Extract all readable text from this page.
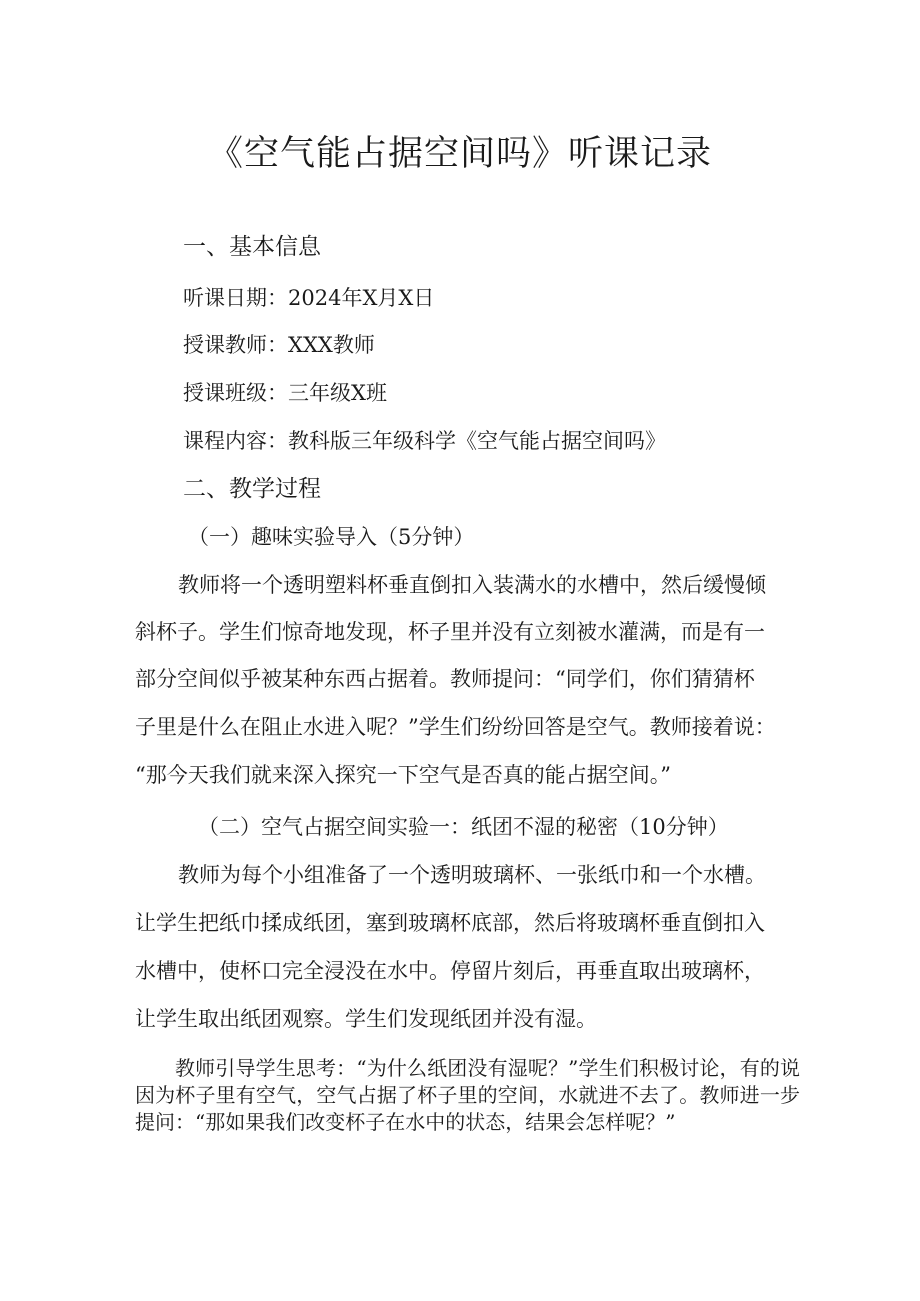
《空气能占据空间吗》听课记录

一、基本信息

听课日期：2024年X月X日

授课教师：XXX教师

授课班级：三年级X班

课程内容：教科版三年级科学《空气能占据空间吗》

二、教学过程

（一）趣味实验导入（5分钟）

教师将一个透明塑料杯垂直倒扣入装满水的水槽中，然后缓慢倾

斜杯子。学生们惊奇地发现，杯子里并没有立刻被水灌满，而是有一

部分空间似乎被某种东西占据着。教师提问：“同学们，你们猜猜杯

子里是什么在阻止水进入呢？”学生们纷纷回答是空气。教师接着说：

“那今天我们就来深入探究一下空气是否真的能占据空间。”

（二）空气占据空间实验一：纸团不湿的秘密（10分钟）

教师为每个小组准备了一个透明玻璃杯、一张纸巾和一个水槽。

让学生把纸巾揉成纸团，塞到玻璃杯底部，然后将玻璃杯垂直倒扣入

水槽中，使杯口完全浸没在水中。停留片刻后，再垂直取出玻璃杯，

让学生取出纸团观察。学生们发现纸团并没有湿。

教师引导学生思考：“为什么纸团没有湿呢？”学生们积极讨论，有的说因为杯子里有空气，空气占据了杯子里的空间，水就进不去了。教师进一步提问：“那如果我们改变杯子在水中的状态，结果会怎样呢？”
